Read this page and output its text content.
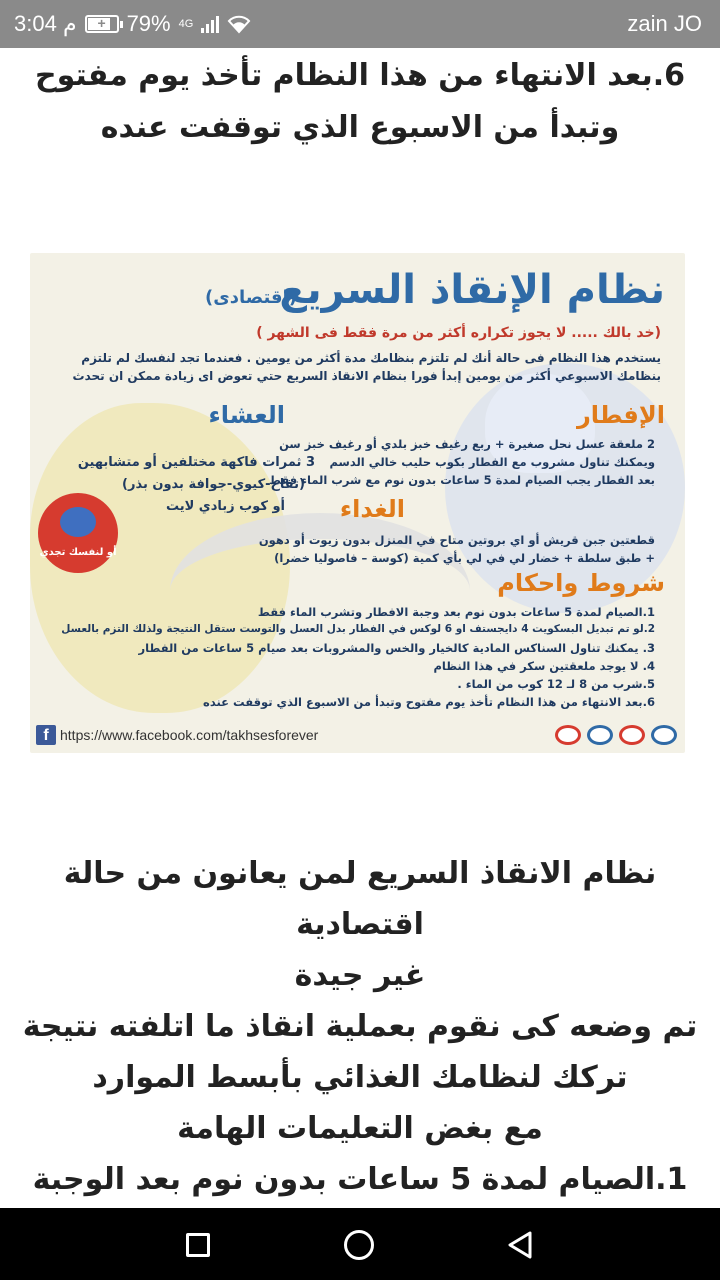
3:04 م + 79% 4G	zain JO
6.بعد الانتهاء من هذا النظام تأخذ يوم مفتوح
وتبدأ من الاسبوع الذي توقفت عنده
نظام الإنقاذ السريع
(إقتصادى)
(خد بالك ..... لا يجوز تكراره أكثر من مرة فقط فى الشهر )
يستخدم هذا النظام فى حالة أنك لم تلتزم بنظامك مدة أكثر من يومين . فعندما تجد لنفسك لم تلتزم
بنظامك الاسبوعي أكثر من يومين إبدأ فورا بنظام الانقاذ السريع حتي تعوض اى زيادة ممكن ان تحدث
الإفطار
2 ملعقة عسل نحل صغيرة + ربع رغيف خبز بلدي أو رغيف خبز سن
ويمكنك تناول مشروب مع الفطار بكوب حليب خالي الدسم
بعد الفطار يجب الصيام لمدة 5 ساعات بدون نوم مع شرب الماء فقط
العشاء
3 ثمرات فاكهة مختلفين أو متشابهين
(تفاح-كيوي-جوافة بدون بذر)
أو كوب زبادي لايت الغداء
قطعتين جبن قريش أو اي بروتين متاح في المنزل بدون زيوت أو دهون
+ طبق سلطة + خضار لي في لي بأي كمية (كوسة – فاصوليا خضرا)
شروط واحكام
1.الصيام لمدة 5 ساعات بدون نوم بعد وجبة الافطار وتشرب الماء فقط
2.لو تم تبديل البسكويت 4 دايجستف او 6 لوكس في الفطار بدل العسل والتوست ستقل النتيجة ولذلك التزم بالعسل
3. يمكنك تناول السناكس المادية كالخيار والخس والمشروبات بعد صيام 5 ساعات من الفطار
4. لا يوجد ملعقتين سكر في هذا النظام
5.شرب من 8 لـ 12 كوب من الماء .
6.بعد الانتهاء من هذا النظام تأخذ يوم مفتوح وتبدأ من الاسبوع الذي توقفت عنده
أو لنفسك تجدي
f https://www.facebook.com/takhsesforever
نظام الانقاذ السريع لمن يعانون من حالة اقتصادية
غير جيدة
تم وضعه كى نقوم بعملية انقاذ ما اتلفته نتيجة
تركك لنظامك الغذائي بأبسط الموارد
مع بغض التعليمات الهامة
1.الصيام لمدة 5 ساعات بدون نوم بعد الوجبة
